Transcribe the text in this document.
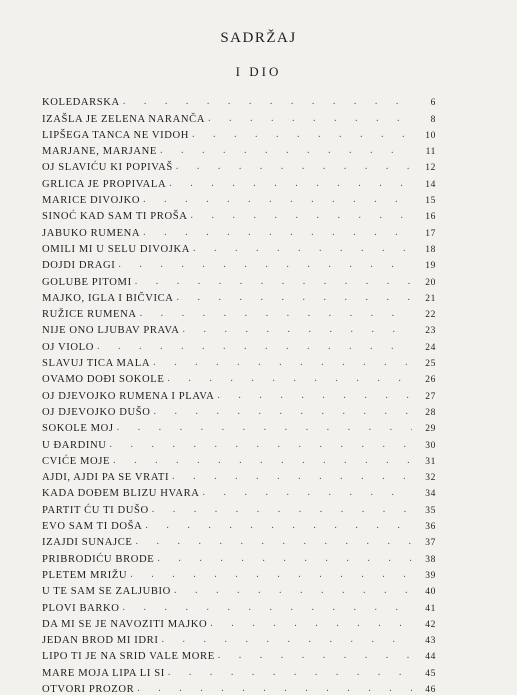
SADRŽAJ
I DIO
KOLEDARSKA . . .	6
IZAŠLA JE ZELENA NARANČA . . .	8
LIPŠEGA TANCA NE VIDOH . . .	10
MARJANE, MARJANE . . .	11
OJ SLAVIĆU KI POPIVAŠ . . .	12
GRLICA JE PROPIVALA . . .	14
MARICE DIVOJKO . . .	15
SINOĆ KAD SAM TI PROŠA . . .	16
JABUKO RUMENA . . .	17
OMILI MI U SELU DIVOJKA . . .	18
DOJDI DRAGI . . .	19
GOLUBE PITOMI . . .	20
MAJKO, IGLA I BIČVICA . . .	21
RUŽICE RUMENA . . .	22
NIJE ONO LJUBAV PRAVA . . .	23
OJ VIOLO . . .	24
SLAVUJ TICA MALA . . .	25
OVAMO DOĐI SOKOLE . . .	26
OJ DJEVOJKO RUMENA I PLAVA . . .	27
OJ DJEVOJKO DUŠO . . .	28
SOKOLE MOJ . . .	29
U ĐARDINU . . .	30
CVIĆE MOJE . . .	31
AJDI, AJDI PA SE VRATI . . .	32
KADA DOĐEM BLIZU HVARA . . .	34
PARTIT ĆU TI DUŠO . . .	35
EVO SAM TI DOŠA . . .	36
IZAJDI SUNAJCE . . .	37
PRIBRODIĆU BRODE . . .	38
PLETEM MRIŽU . . .	39
U TE SAM SE ZALJUBIO . . .	40
PLOVI BARKO . . .	41
DA MI SE JE NAVOZITI MAJKO . . .	42
JEDAN BROD MI IDRI . . .	43
LIPO TI JE NA SRID VALE MORE . . .	44
MARE MOJA LIPA LI SI . . .	45
OTVORI PROZOR . . .	46
